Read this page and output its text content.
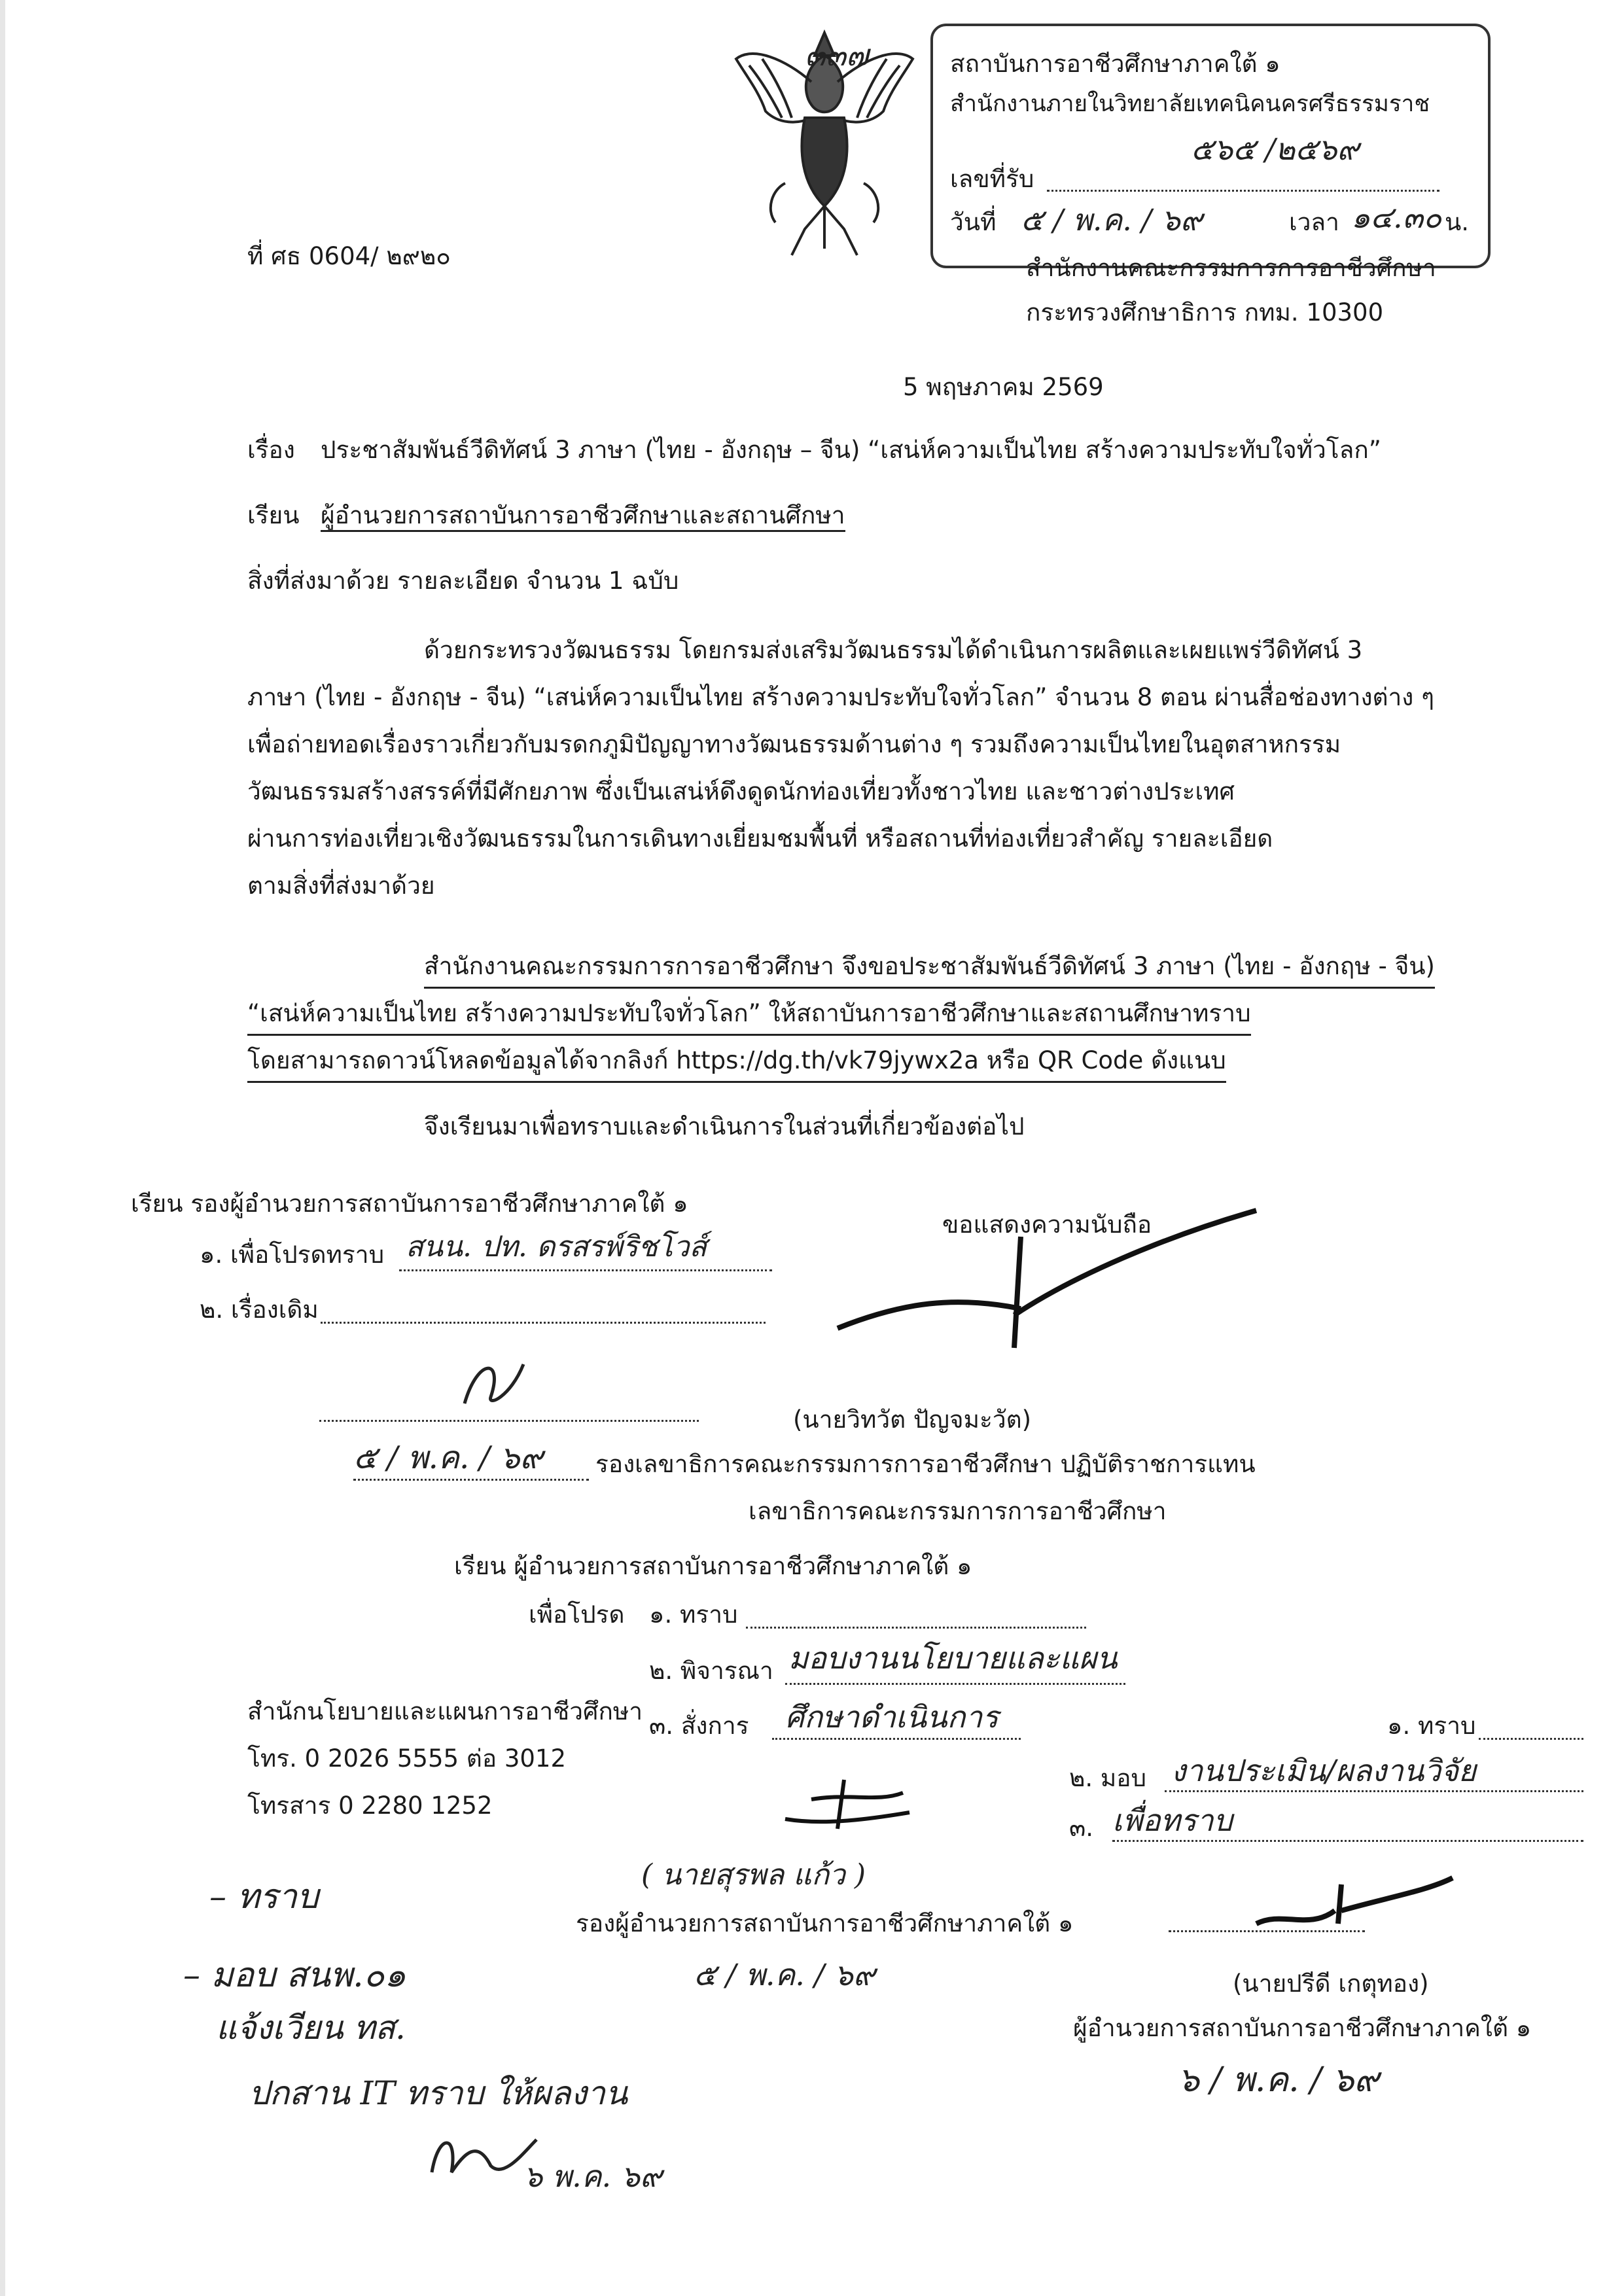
๓๓๗	สถาบันการอาชีวศึกษาภาคใต้ ๑
สำนักงานภายในวิทยาลัยเทคนิคนครศรีธรรมราช
๕๖๕ /๒๕๖๙
เลขที่รับ
วันที่ ๕ / พ.ค. / ๖๙	เวลา ๑๔.๓๐ น.
ที่ ศธ 0604/ ๒๙๒๐	สำนักงานคณะกรรมการการอาชีวศึกษา
กระทรวงศึกษาธิการ กทม. 10300
5 พฤษภาคม 2569
เรื่อง ประชาสัมพันธ์วีดิทัศน์ 3 ภาษา (ไทย - อังกฤษ – จีน) “เสน่ห์ความเป็นไทย สร้างความประทับใจทั่วโลก”
เรียน ผู้อำนวยการสถาบันการอาชีวศึกษาและสถานศึกษา
สิ่งที่ส่งมาด้วย รายละเอียด จำนวน 1 ฉบับ
ด้วยกระทรวงวัฒนธรรม โดยกรมส่งเสริมวัฒนธรรมได้ดำเนินการผลิตและเผยแพร่วีดิทัศน์ 3
ภาษา (ไทย - อังกฤษ - จีน) “เสน่ห์ความเป็นไทย สร้างความประทับใจทั่วโลก” จำนวน 8 ตอน ผ่านสื่อช่องทางต่าง ๆ
เพื่อถ่ายทอดเรื่องราวเกี่ยวกับมรดกภูมิปัญญาทางวัฒนธรรมด้านต่าง ๆ รวมถึงความเป็นไทยในอุตสาหกรรม
วัฒนธรรมสร้างสรรค์ที่มีศักยภาพ ซึ่งเป็นเสน่ห์ดึงดูดนักท่องเที่ยวทั้งชาวไทย และชาวต่างประเทศ
ผ่านการท่องเที่ยวเชิงวัฒนธรรมในการเดินทางเยี่ยมชมพื้นที่ หรือสถานที่ท่องเที่ยวสำคัญ รายละเอียด
ตามสิ่งที่ส่งมาด้วย
สำนักงานคณะกรรมการการอาชีวศึกษา จึงขอประชาสัมพันธ์วีดิทัศน์ 3 ภาษา (ไทย - อังกฤษ - จีน)
“เสน่ห์ความเป็นไทย สร้างความประทับใจทั่วโลก” ให้สถาบันการอาชีวศึกษาและสถานศึกษาทราบ
โดยสามารถดาวน์โหลดข้อมูลได้จากลิงก์ https://dg.th/vk79jywx2a หรือ QR Code ดังแนบ
จึงเรียนมาเพื่อทราบและดำเนินการในส่วนที่เกี่ยวข้องต่อไป
เรียน รองผู้อำนวยการสถาบันการอาชีวศึกษาภาคใต้ ๑
๑. เพื่อโปรดทราบ สนน. ปท. ดรสรพ์ริชโวส์
๒. เรื่องเดิม
๕ / พ.ค. / ๖๙
ขอแสดงความนับถือ
(นายวิทวัต ปัญจมะวัต)
รองเลขาธิการคณะกรรมการการอาชีวศึกษา ปฏิบัติราชการแทน
เลขาธิการคณะกรรมการการอาชีวศึกษา
เรียน ผู้อำนวยการสถาบันการอาชีวศึกษาภาคใต้ ๑
เพื่อโปรด ๑. ทราบ
๒. พิจารณา มอบงานนโยบายและแผน
๓. สั่งการ ศึกษาดำเนินการ
( นายสุรพล แก้ว )
รองผู้อำนวยการสถาบันการอาชีวศึกษาภาคใต้ ๑
๕ / พ.ค. / ๖๙
สำนักนโยบายและแผนการอาชีวศึกษา
โทร. 0 2026 5555 ต่อ 3012
โทรสาร 0 2280 1252
๑. ทราบ
๒. มอบ งานประเมิน/ผลงานวิจัย
๓. เพื่อทราบ
(นายปรีดี เกตุทอง)
ผู้อำนวยการสถาบันการอาชีวศึกษาภาคใต้ ๑
๖ / พ.ค. / ๖๙
– ทราบ
– มอบ สนพ.๐๑
แจ้งเวียน ทส.
ปกสาน IT ทราบ ให้ผลงาน
๖ พ.ค. ๖๙
